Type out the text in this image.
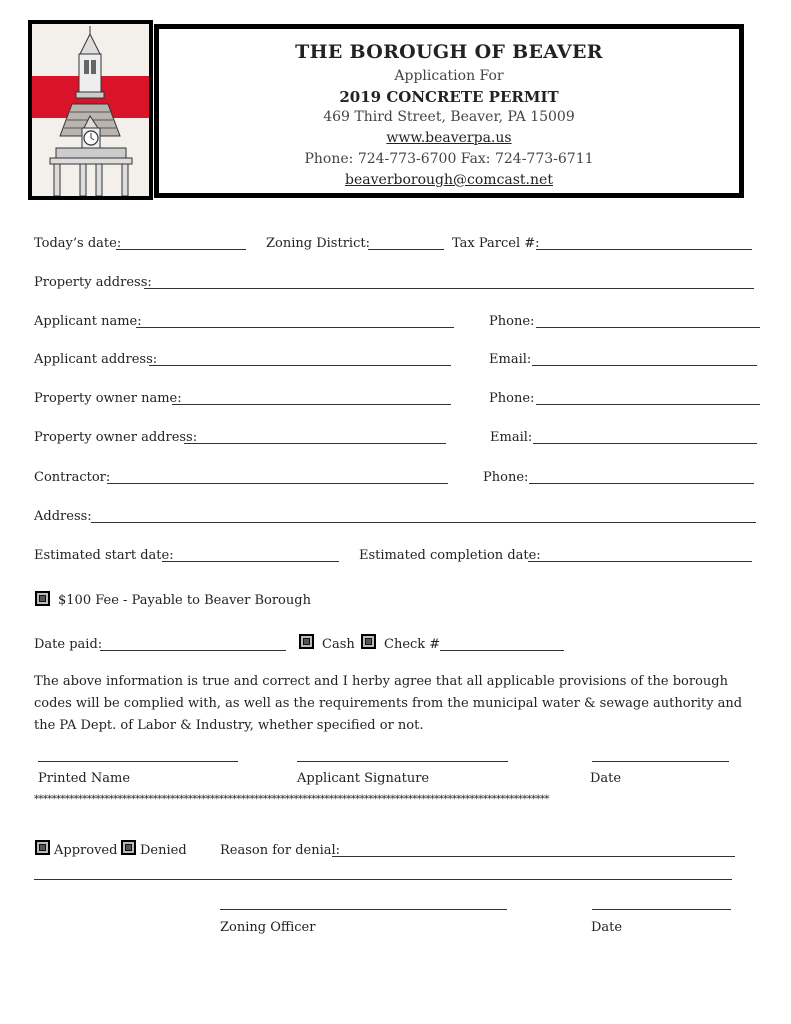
THE BOROUGH OF BEAVER
Application For
2019 CONCRETE PERMIT
469 Third Street, Beaver, PA 15009
www.beaverpa.us
Phone: 724-773-6700 Fax: 724-773-6711
beaverborough@comcast.net
Today’s date:	Zoning District:	Tax Parcel #:
Property address:
Applicant name:	Phone:
Applicant address:	Email:
Property owner name:	Phone:
Property owner address:	Email:
Contractor:	Phone:
Address:
Estimated start date:	Estimated completion date:
$100 Fee - Payable to Beaver Borough
Date paid:	Cash Check #
The above information is true and correct and I herby agree that all applicable provisions of the borough codes will be complied with, as well as the requirements from the municipal water & sewage authority and the PA Dept. of Labor & Industry, whether specified or not.
Printed Name	Applicant Signature	Date
*********************************************************************************************************************
Approved Denied	Reason for denial:
Zoning Officer	Date
